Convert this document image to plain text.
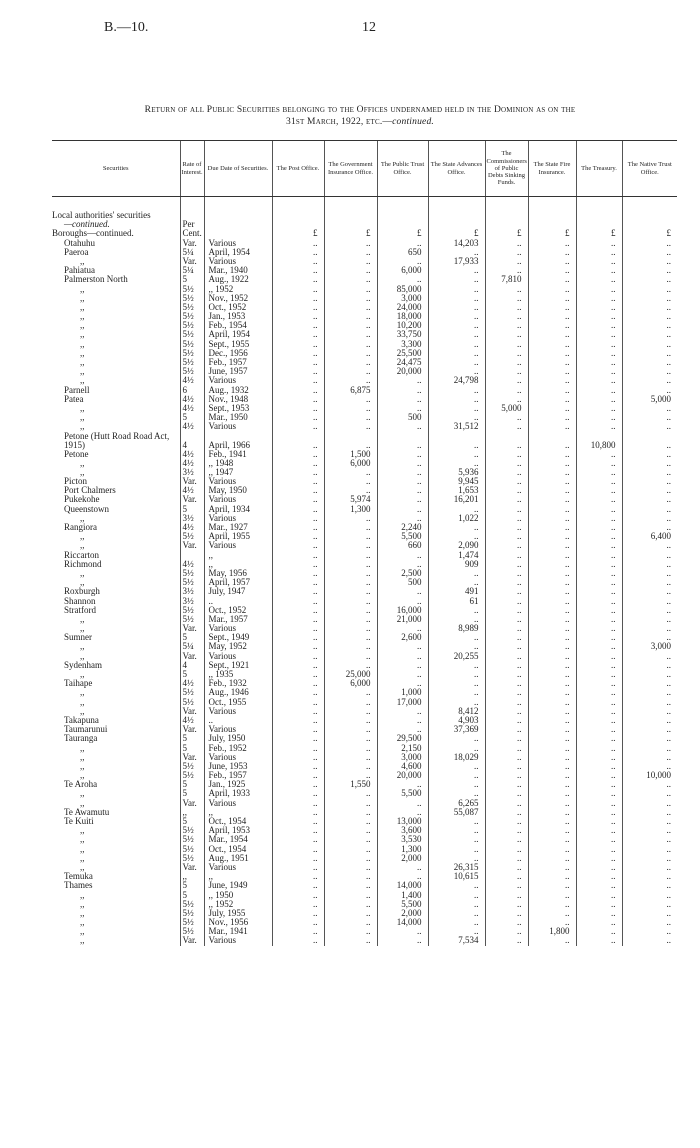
B.—10.	12
Return of all Public Securities belonging to the Offices undernamed held in the Dominion as on the
31st March, 1922, etc.—continued.
Securities	Rate of Interest.	Due Date of Securities.	The Post Office.	The Government Insurance Office.	The Public Trust Office.	The State Advances Office.	The Commissioners of Public Debts Sinking Funds.	The State Fire Insurance.	The Treasury.	The Native Trust Office.

Local authorities' securities										
—continued.	Per									
Boroughs—continued.	Cent.		£	£	£	£	£	£	£	£
Otahuhu	Var.	Various	..	..	..	14,203	..	..	..	..
Paeroa	5¼	April, 1954	..	..	650	..	..	..	..	..
,,	Var.	Various	..	..	..	17,933	..	..	..	..
Pahiatua	5¼	Mar., 1940	..	..	6,000	..	..	..	..	..
Palmerston North	5	Aug., 1922	..	..	..	..	7,810	..	..	..
,,	5½	,, 1952	..	..	85,000	..	..	..	..	..
,,	5½	Nov., 1952	..	..	3,000	..	..	..	..	..
,,	5½	Oct., 1952	..	..	24,000	..	..	..	..	..
,,	5½	Jan., 1953	..	..	18,000	..	..	..	..	..
,,	5½	Feb., 1954	..	..	10,200	..	..	..	..	..
,,	5½	April, 1954	..	..	33,750	..	..	..	..	..
,,	5½	Sept., 1955	..	..	3,300	..	..	..	..	..
,,	5½	Dec., 1956	..	..	25,500	..	..	..	..	..
,,	5½	Feb., 1957	..	..	24,475	..	..	..	..	..
,,	5½	June, 1957	..	..	20,000	..	..	..	..	..
,,	4½	Various	..	..	..	24,798	..	..	..	..
Parnell	6	Aug., 1932	..	6,875	..	..	..	..	..	..
Patea	4½	Nov., 1948	..	..	..	..	..	..	..	5,000
,,	4½	Sept., 1953	..	..	..	..	5,000	..	..	..
,,	5	Mar., 1950	..	..	500	..	..	..	..	..
,,	4½	Various	..	..	..	31,512	..	..	..	..
Petone (Hutt Road Road Act, 1915)	4	April, 1966	..	..	..	..	..	..	10,800	..
Petone	4½	Feb., 1941	..	1,500	..	..	..	..	..	..
,,	4½	,, 1948	..	6,000	..	..	..	..	..	..
,,	3½	,, 1947	..	..	..	5,936	..	..	..	..
Picton	Var.	Various	..	..	..	9,945	..	..	..	..
Port Chalmers	4½	May, 1950	..	..	..	1,653	..	..	..	..
Pukekohe	Var.	Various	..	5,974	..	16,201	..	..	..	..
Queenstown	5	April, 1934	..	1,300	..	..	..	..	..	..
,,	3½	Various	..	..	..	1,022	..	..	..	..
Rangiora	4½	Mar., 1927	..	..	2,240	..	..	..	..	..
,,	5½	April, 1955	..	..	5,500	..	..	..	..	6,400
,,	Var.	Various	..	..	660	2,090	..	..	..	..
Riccarton		,,	..	..	..	1,474	..	..	..	..
Richmond	4½	,,	..	..	..	909	..	..	..	..
,,	5½	May, 1956	..	..	2,500	..	..	..	..	..
,,	5½	April, 1957	..	..	500	..	..	..	..	..
Roxburgh	3½	July, 1947	..	..	..	491	..	..	..	..
Shannon	3½	..	..	..	..	61	..	..	..	..
Stratford	5½	Oct., 1952	..	..	16,000	..	..	..	..	..
,,	5½	Mar., 1957	..	..	21,000	..	..	..	..	..
,,	Var.	Various	..	..	..	8,989	..	..	..	..
Sumner	5	Sept., 1949	..	..	2,600	..	..	..	..	..
,,	5¼	May, 1952	..	..	..	..	..	..	..	3,000
,,	Var.	Various	..	..	..	20,255	..	..	..	..
Sydenham	4	Sept., 1921	..	..	..	..	..	..	..	..
,,	5	,, 1935	..	25,000	..	..	..	..	..	..
Taihape	4½	Feb., 1932	..	6,000	..	..	..	..	..	..
,,	5½	Aug., 1946	..	..	1,000	..	..	..	..	..
,,	5½	Oct., 1955	..	..	17,000	..	..	..	..	..
,,	Var.	Various	..	..	..	8,412	..	..	..	..
Takapuna	4½	..	..	..	..	4,903	..	..	..	..
Taumarunui	Var.	Various	..	..	..	37,369	..	..	..	..
Tauranga	5	July, 1950	..	..	29,500	..	..	..	..	..
,,	5	Feb., 1952	..	..	2,150	..	..	..	..	..
,,	Var.	Various	..	..	3,000	18,029	..	..	..	..
,,	5½	June, 1953	..	..	4,600	..	..	..	..	..
,,	5½	Feb., 1957	..	..	20,000	..	..	..	..	10,000
Te Aroha	5	Jan., 1925	..	1,550	..	..	..	..	..	..
,,	5	April, 1933	..	..	5,500	..	..	..	..	..
,,	Var.	Various	..	..	..	6,265	..	..	..	..
Te Awamutu	,,	,,	..	..	..	55,087	..	..	..	..
Te Kuiti	5	Oct., 1954	..	..	13,000	..	..	..	..	..
,,	5½	April, 1953	..	..	3,600	..	..	..	..	..
,,	5½	Mar., 1954	..	..	3,530	..	..	..	..	..
,,	5½	Oct., 1954	..	..	1,300	..	..	..	..	..
,,	5½	Aug., 1951	..	..	2,000	..	..	..	..	..
,,	Var.	Various	..	..	..	26,315	..	..	..	..
Temuka	,,	,,	..	..	..	10,615	..	..	..	..
Thames	5	June, 1949	..	..	14,000	..	..	..	..	..
,,	5	,, 1950	..	..	1,400	..	..	..	..	..
,,	5½	,, 1952	..	..	5,500	..	..	..	..	..
,,	5½	July, 1955	..	..	2,000	..	..	..	..	..
,,	5½	Nov., 1956	..	..	14,000	..	..	..	..	..
,,	5½	Mar., 1941	..	..	..	..	..	1,800	..	..
,,	Var.	Various	..	..	..	7,534	..	..	..	..
